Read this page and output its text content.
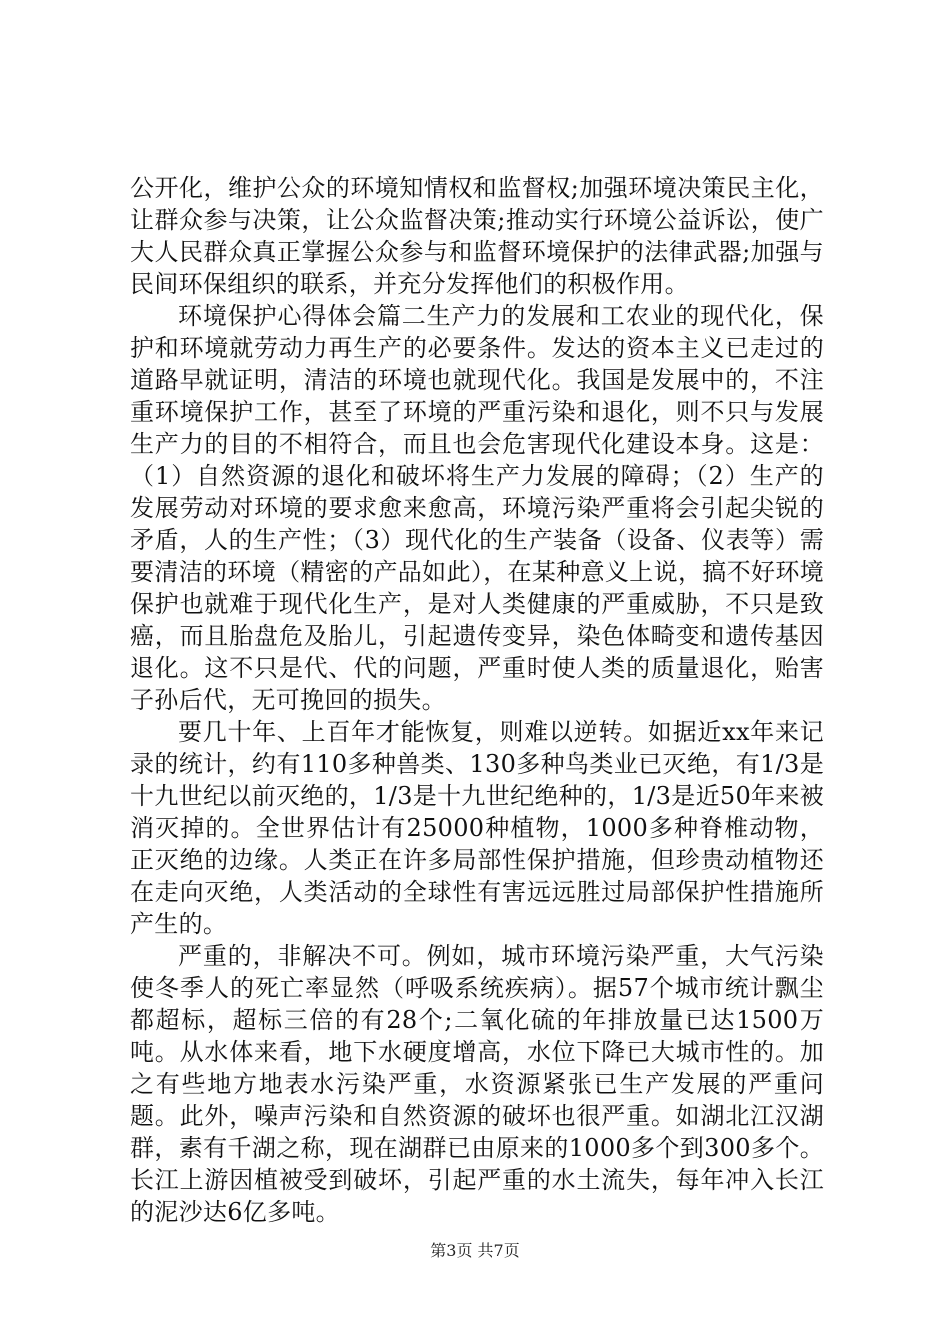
公开化，维护公众的环境知情权和监督权;加强环境决策民主化，让群众参与决策，让公众监督决策;推动实行环境公益诉讼，使广大人民群众真正掌握公众参与和监督环境保护的法律武器;加强与民间环保组织的联系，并充分发挥他们的积极作用。

环境保护心得体会篇二生产力的发展和工农业的现代化，保护和环境就劳动力再生产的必要条件。发达的资本主义已走过的道路早就证明，清洁的环境也就现代化。我国是发展中的，不注重环境保护工作，甚至了环境的严重污染和退化，则不只与发展生产力的目的不相符合，而且也会危害现代化建设本身。这是：（1）自然资源的退化和破坏将生产力发展的障碍；（2）生产的发展劳动对环境的要求愈来愈高，环境污染严重将会引起尖锐的矛盾，人的生产性；（3）现代化的生产装备（设备、仪表等）需要清洁的环境（精密的产品如此），在某种意义上说，搞不好环境保护也就难于现代化生产，是对人类健康的严重威胁，不只是致癌，而且胎盘危及胎儿，引起遗传变异，染色体畸变和遗传基因退化。这不只是代、代的问题，严重时使人类的质量退化，贻害子孙后代，无可挽回的损失。

要几十年、上百年才能恢复，则难以逆转。如据近xx年来记录的统计，约有110多种兽类、130多种鸟类业已灭绝，有1/3是十九世纪以前灭绝的，1/3是十九世纪绝种的，1/3是近50年来被消灭掉的。全世界估计有25000种植物，1000多种脊椎动物，正灭绝的边缘。人类正在许多局部性保护措施，但珍贵动植物还在走向灭绝，人类活动的全球性有害远远胜过局部保护性措施所产生的。

严重的，非解决不可。例如，城市环境污染严重，大气污染使冬季人的死亡率显然（呼吸系统疾病）。据57个城市统计飘尘都超标，超标三倍的有28个;二氧化硫的年排放量已达1500万吨。从水体来看，地下水硬度增高，水位下降已大城市性的。加之有些地方地表水污染严重，水资源紧张已生产发展的严重问题。此外，噪声污染和自然资源的破坏也很严重。如湖北江汉湖群，素有千湖之称，现在湖群已由原来的1000多个到300多个。长江上游因植被受到破坏，引起严重的水土流失，每年冲入长江的泥沙达6亿多吨。

第3页 共7页
